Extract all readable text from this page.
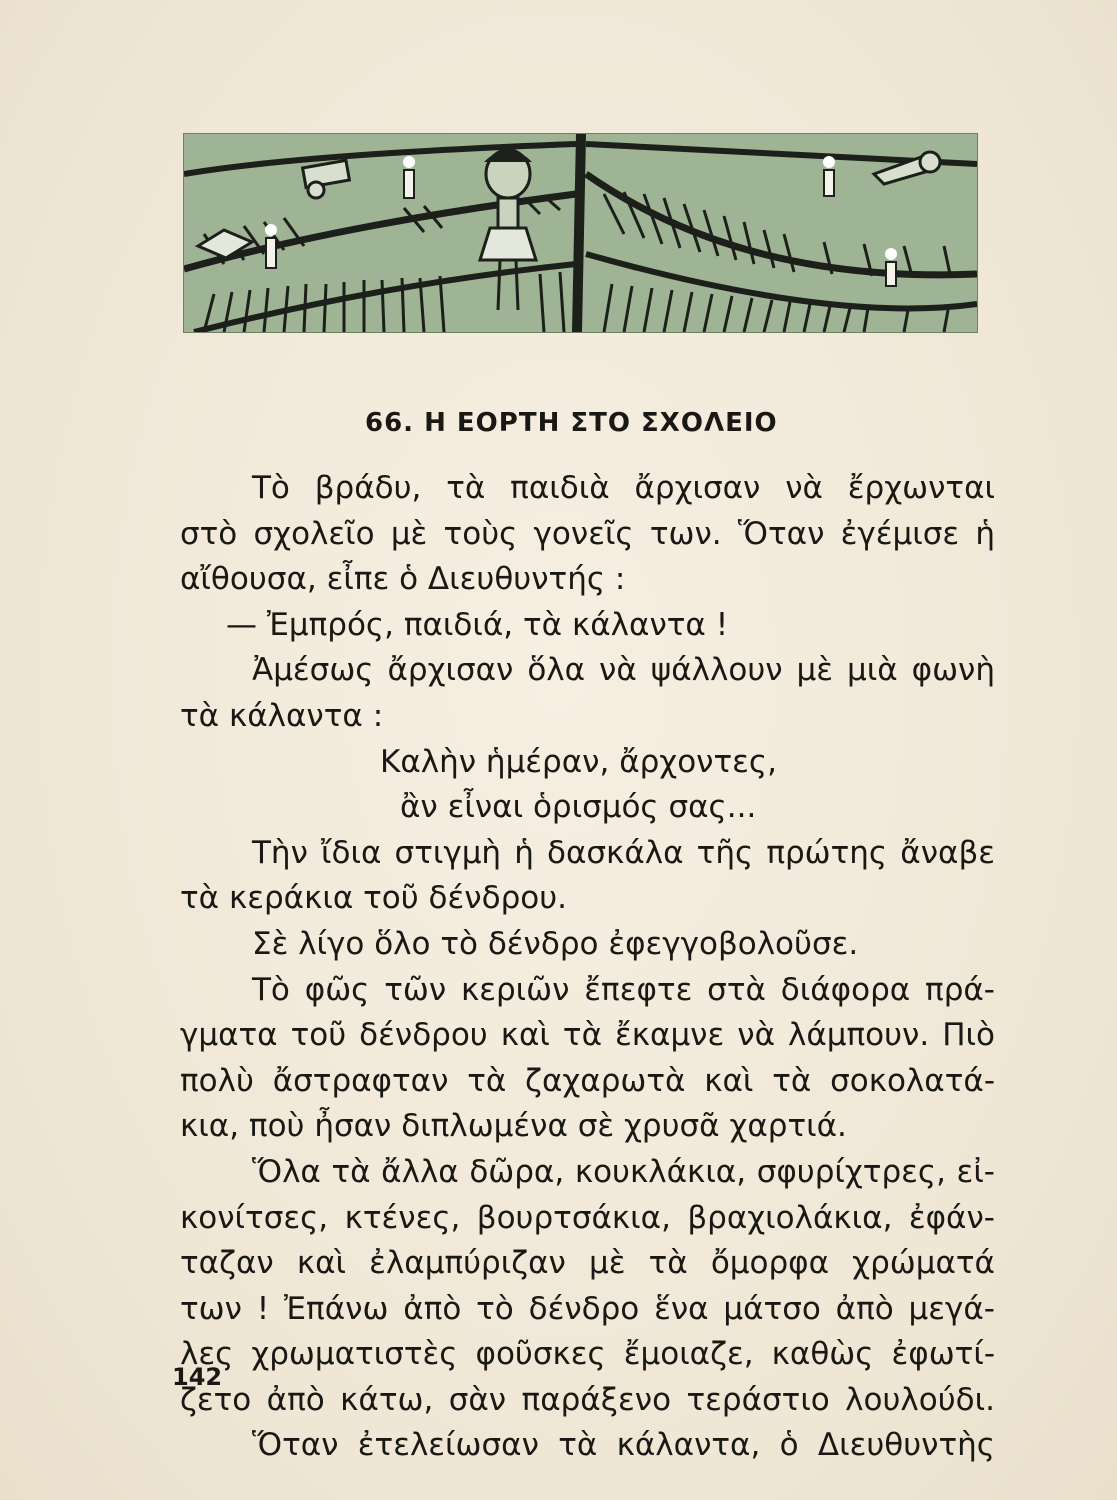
66. Η ΕΟΡΤΗ ΣΤΟ ΣΧΟΛΕΙΟ
Τὸ βράδυ, τὰ παιδιὰ ἄρχισαν νὰ ἔρχωνται
στὸ σχολεῖο μὲ τοὺς γονεῖς των. Ὅταν ἐγέμισε ἡ
αἴθουσα, εἶπε ὁ Διευθυντής :
— Ἐμπρός, παιδιά, τὰ κάλαντα !
Ἀμέσως ἄρχισαν ὅλα νὰ ψάλλουν μὲ μιὰ φωνὴ
τὰ κάλαντα :
Καλὴν ἡμέραν, ἄρχοντες,
ἂν εἶναι ὁρισμός σας...
Τὴν ἴδια στιγμὴ ἡ δασκάλα τῆς πρώτης ἄναβε
τὰ κεράκια τοῦ δένδρου.
Σὲ λίγο ὅλο τὸ δένδρο ἐφεγγοβολοῦσε.
Τὸ φῶς τῶν κεριῶν ἔπεφτε στὰ διάφορα πρά-
γματα τοῦ δένδρου καὶ τὰ ἔκαμνε νὰ λάμπουν. Πιὸ
πολὺ ἄστραφταν τὰ ζαχαρωτὰ καὶ τὰ σοκολατά-
κια, ποὺ ἦσαν διπλωμένα σὲ χρυσᾶ χαρτιά.
Ὅλα τὰ ἄλλα δῶρα, κουκλάκια, σφυρίχτρες, εἰ-
κονίτσες, κτένες, βουρτσάκια, βραχιολάκια, ἐφάν-
ταζαν καὶ ἐλαμπύριζαν μὲ τὰ ὄμορφα χρώματά
των ! Ἐπάνω ἀπὸ τὸ δένδρο ἕνα μάτσο ἀπὸ μεγά-
λες χρωματιστὲς φοῦσκες ἔμοιαζε, καθὼς ἐφωτί-
ζετο ἀπὸ κάτω, σὰν παράξενο τεράστιο λουλούδι.
Ὅταν ἐτελείωσαν τὰ κάλαντα, ὁ Διευθυντὴς
142
